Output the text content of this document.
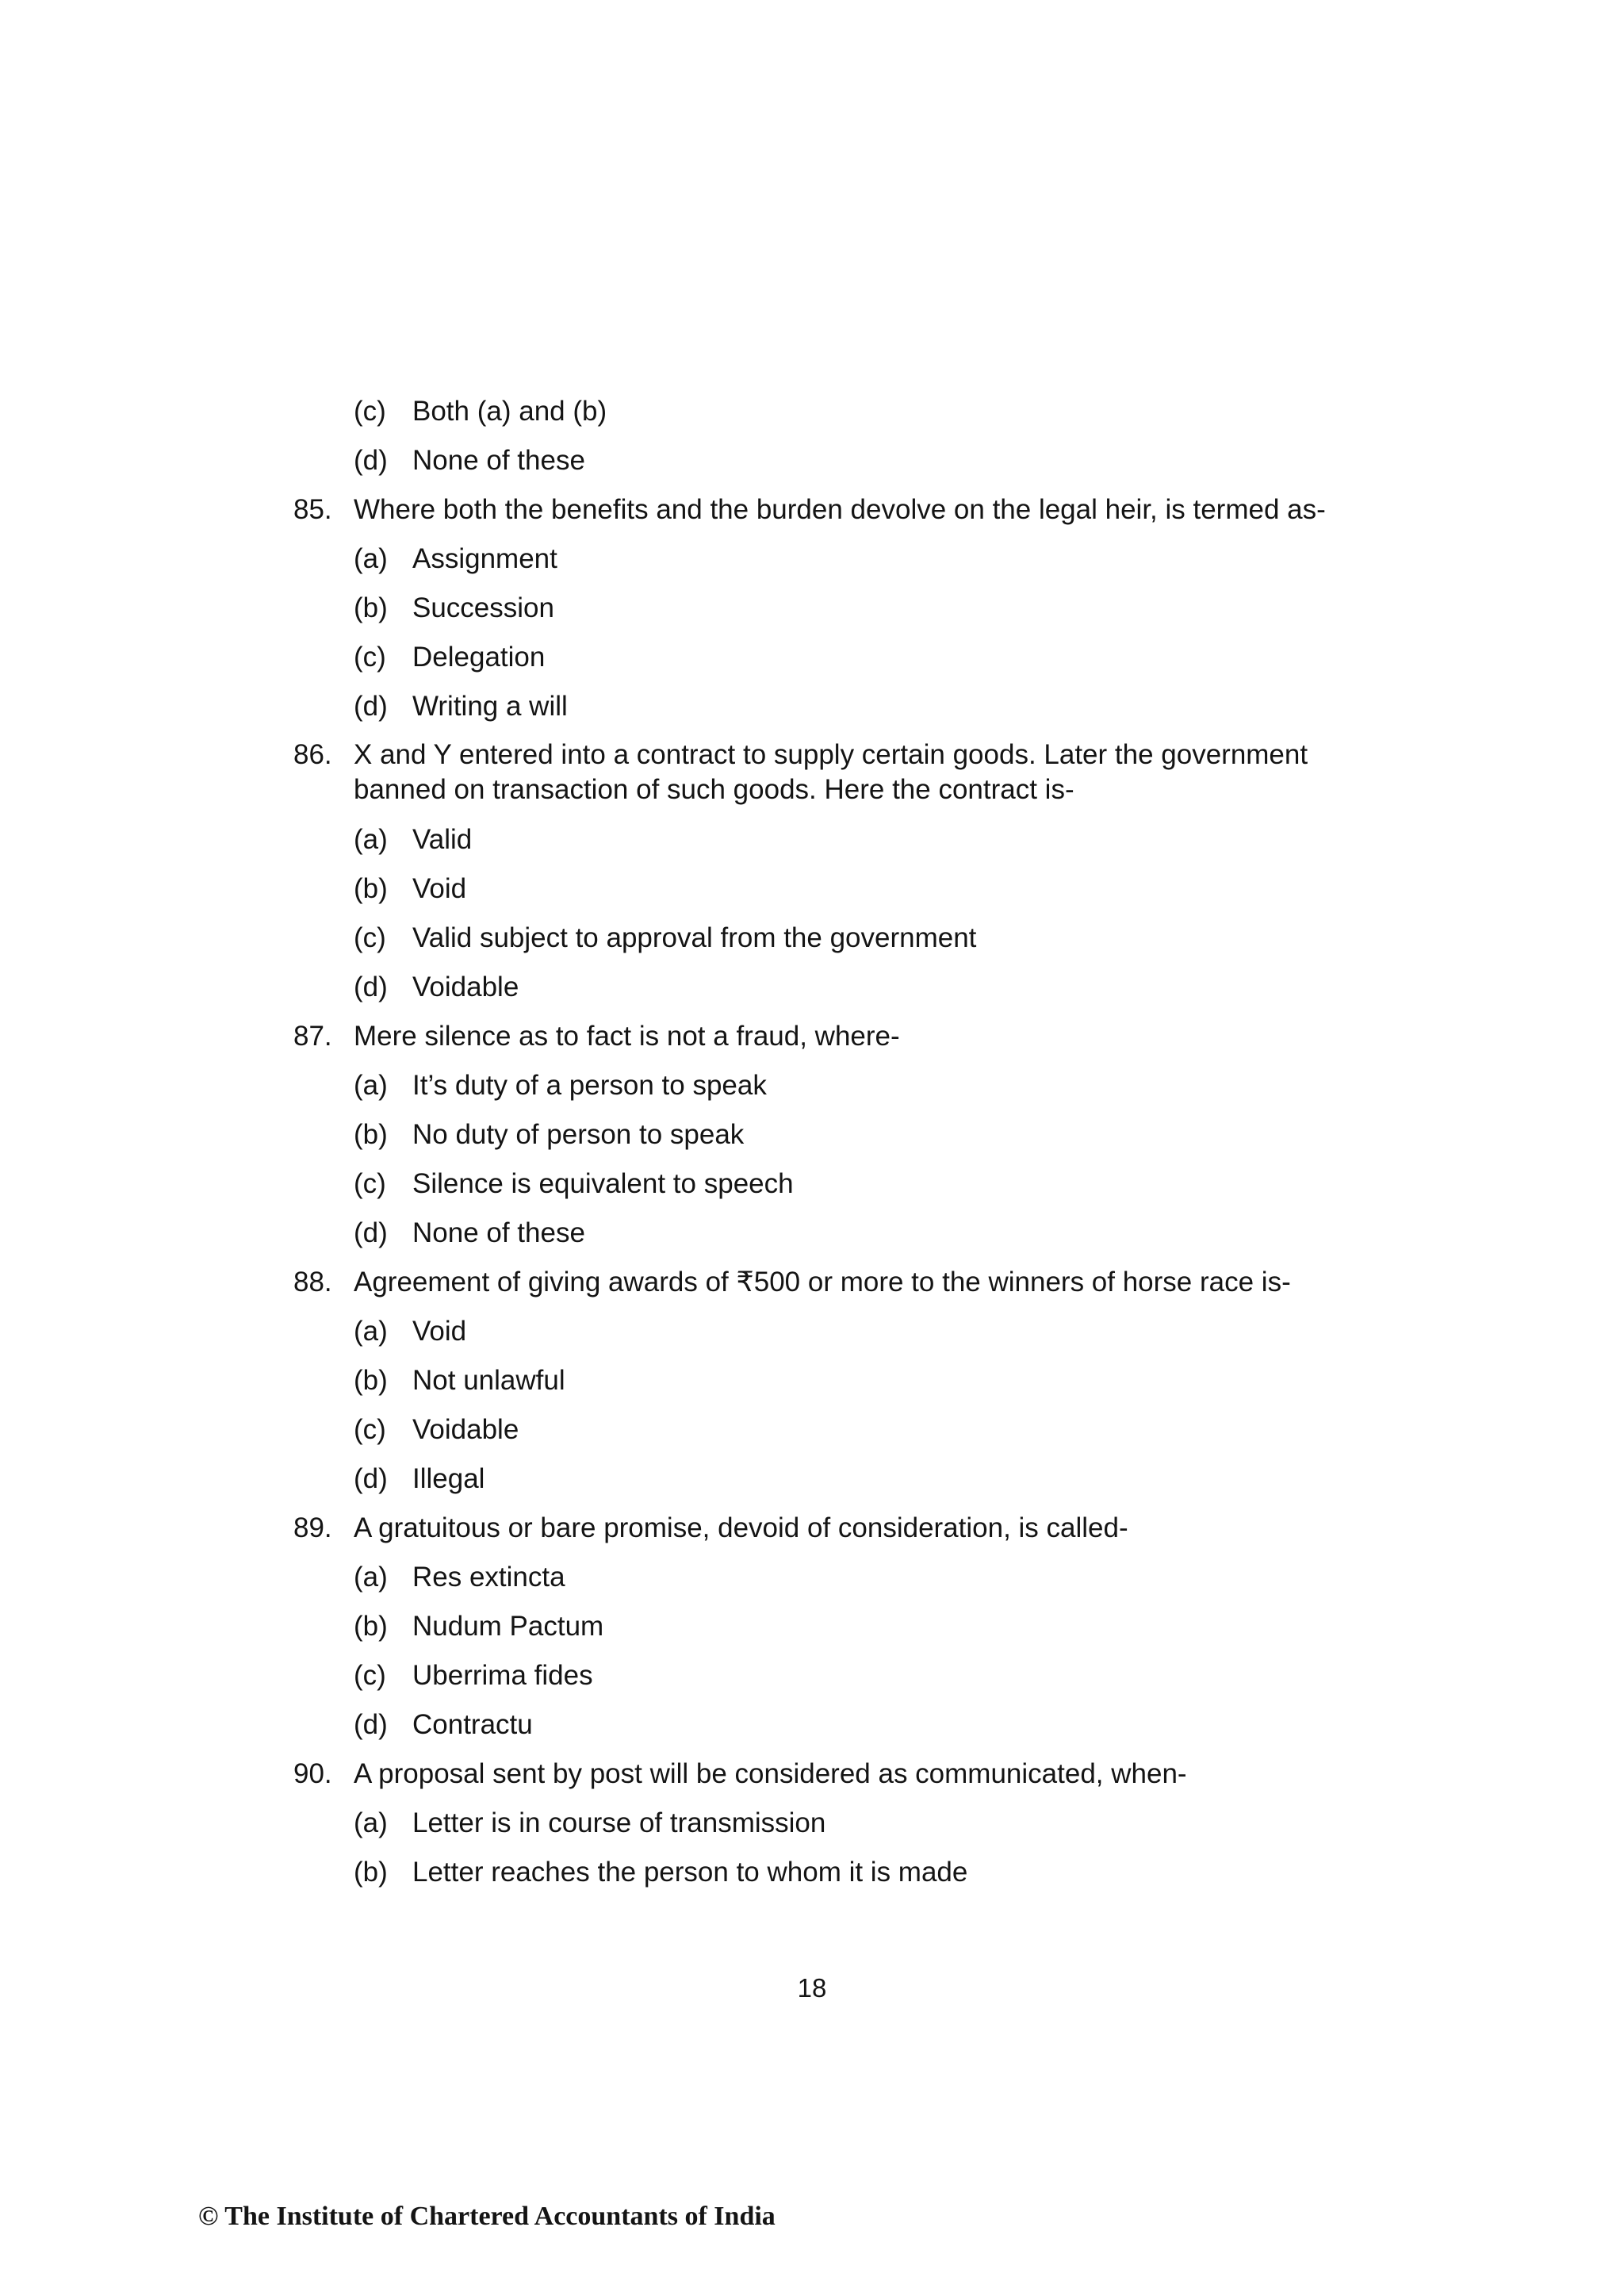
(c) Both (a) and (b)
(d) None of these
85. Where both the benefits and the burden devolve on the legal heir, is termed as-
(a) Assignment
(b) Succession
(c) Delegation
(d) Writing a will
86. X and Y entered into a contract to supply certain goods. Later the government banned on transaction of such goods. Here the contract is-
(a) Valid
(b) Void
(c) Valid subject to approval from the government
(d) Voidable
87. Mere silence as to fact is not a fraud, where-
(a) It’s duty of a person to speak
(b) No duty of person to speak
(c) Silence is equivalent to speech
(d) None of these
88. Agreement of giving awards of ₹500 or more to the winners of horse race is-
(a) Void
(b) Not unlawful
(c) Voidable
(d) Illegal
89. A gratuitous or bare promise, devoid of consideration, is called-
(a) Res extincta
(b) Nudum Pactum
(c) Uberrima fides
(d) Contractu
90. A proposal sent by post will be considered as communicated, when-
(a) Letter is in course of transmission
(b) Letter reaches the person to whom it is made
18
© The Institute of Chartered Accountants of India
